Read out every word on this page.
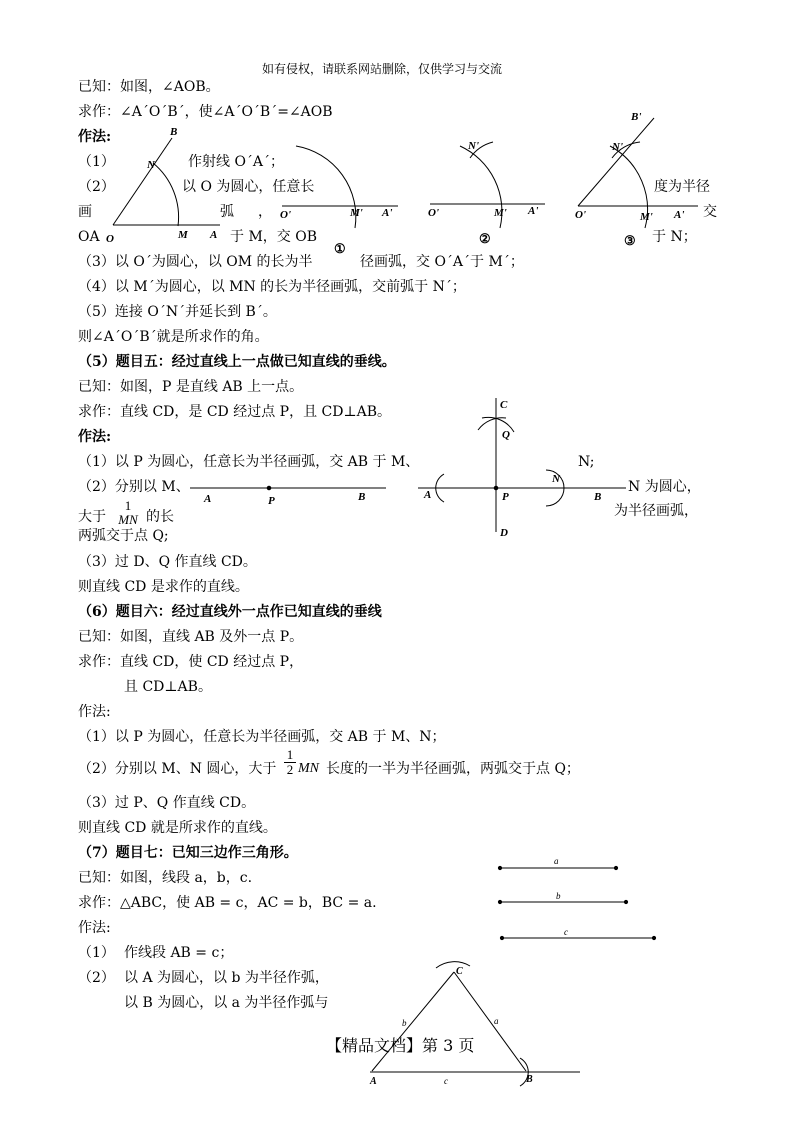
如有侵权，请联系网站删除，仅供学习与交流
已知：如图，∠AOB。
求作：∠A´O´B´，使∠A´O´B´=∠AOB
作法:
（1）	作射线 O´A´；
（2）	以 O 为圆心，任意长	度为半径
画	弧 ，	交
OA	于 M，交 OB	于 N；
（3）以 O´为圆心，以 OM 的长为半	径画弧，交 O´A´于 M´；
（4）以 M´为圆心，以 MN 的长为半径画弧，交前弧于 N´；
（5）连接 O´N´并延长到 B´。
则∠A´O´B´就是所求作的角。
B
N
O	M A
O'	M' A'
①
N'
O'	M' A'
②
B'
N'
O'	M' A'
③
（5）题目五：经过直线上一点做已知直线的垂线。
已知：如图，P 是直线 AB 上一点。
求作：直线 CD，是 CD 经过点 P，且 CD⊥AB。
作法:
（1）以 P 为圆心，任意长为半径画弧，交 AB 于 M、	N;
（2）分别以 M、	N 为圆心，
大于
1
MN 的长	为半径画弧，
两弧交于点 Q;
（3）过 D、Q 作直线 CD。
则直线 CD 是求作的直线。
A	P	B
C
Q
A	P
N
B
D
（6）题目六：经过直线外一点作已知直线的垂线
已知：如图，直线 AB 及外一点 P。
求作：直线 CD，使 CD 经过点 P，
且 CD⊥AB。
作法:
（1）以 P 为圆心，任意长为半径画弧，交 AB 于 M、N；
（2）分别以 M、N 圆心，大于
1
2 MN 长度的一半为半径画弧，两弧交于点 Q；
（3）过 P、Q 作直线 CD。
则直线 CD 就是所求作的直线。
（7）题目七：已知三边作三角形。
已知：如图，线段 a，b，c.
求作：△ABC，使 AB = c，AC = b，BC = a.
作法:
（1） 作线段 AB = c；
（2） 以 A 为圆心，以 b 为半径作弧，
以 B 为圆心，以 a 为半径作弧与
a
b
c
C
A	B
b	a
c
【精品文档】第 3 页
